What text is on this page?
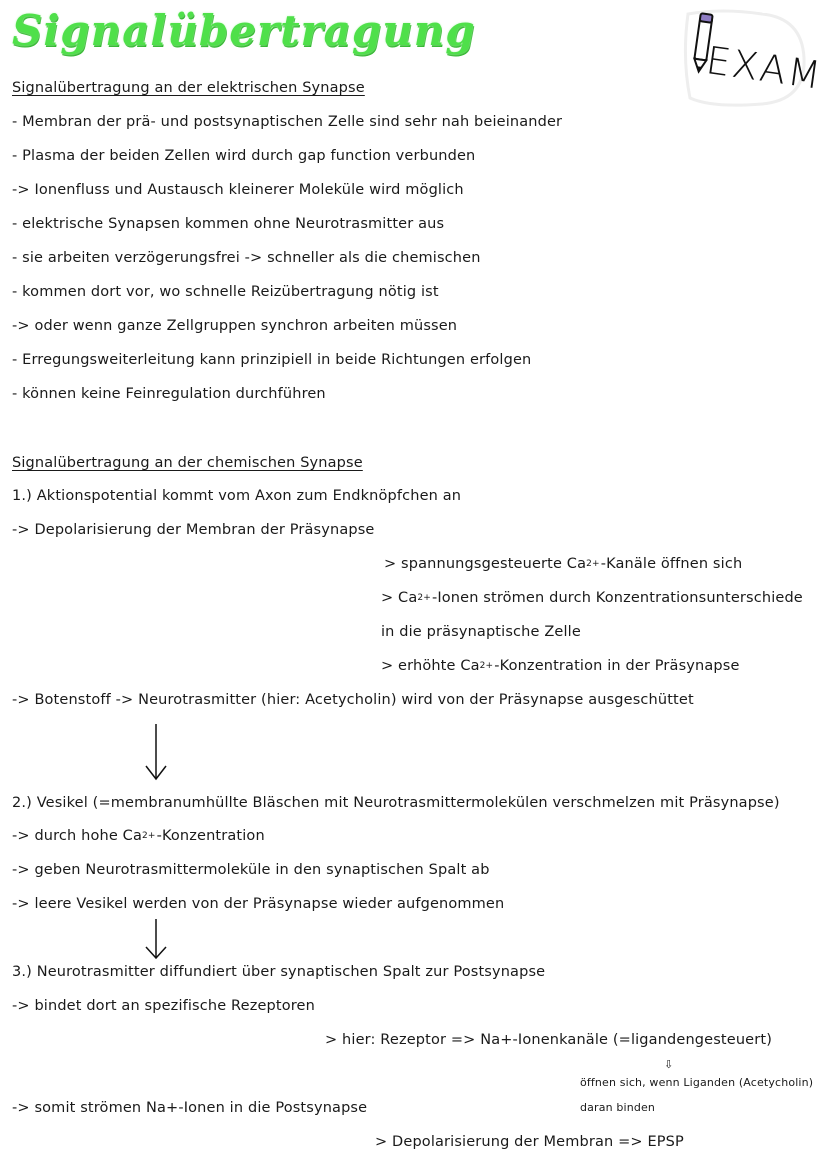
Signalübertragung
EXAM
Signalübertragung an der elektrischen Synapse
- Membran der prä- und postsynaptischen Zelle sind sehr nah beieinander
- Plasma der beiden Zellen wird durch gap function verbunden
-> Ionenfluss und Austausch kleinerer Moleküle wird möglich
- elektrische Synapsen kommen ohne Neurotrasmitter aus
- sie arbeiten verzögerungsfrei -> schneller als die chemischen
- kommen dort vor, wo schnelle Reizübertragung nötig ist
-> oder wenn ganze Zellgruppen synchron arbeiten müssen
- Erregungsweiterleitung kann prinzipiell in beide Richtungen erfolgen
- können keine Feinregulation durchführen
Signalübertragung an der chemischen Synapse
1.) Aktionspotential kommt vom Axon zum Endknöpfchen an
-> Depolarisierung der Membran der Präsynapse
> spannungsgesteuerte $Ca^{2+}$-Kanäle öffnen sich
> $Ca^{2+}$-Ionen strömen durch Konzentrationsunterschiede
in die präsynaptische Zelle
> erhöhte $Ca^{2+}$-Konzentration in der Präsynapse
-> Botenstoff -> Neurotrasmitter (hier: Acetycholin) wird von der Präsynapse ausgeschüttet
2.) Vesikel (=membranumhüllte Bläschen mit Neurotrasmittermolekülen verschmelzen mit Präsynapse)
-> durch hohe $Ca^{2+}$-Konzentration
-> geben Neurotrasmittermoleküle in den synaptischen Spalt ab
-> leere Vesikel werden von der Präsynapse wieder aufgenommen
3.) Neurotrasmitter diffundiert über synaptischen Spalt zur Postsynapse
-> bindet dort an spezifische Rezeptoren
> hier: Rezeptor => Na+-Ionenkanäle (=ligandengesteuert)
⇩
öffnen sich, wenn Liganden (Acetycholin)
daran binden
-> somit strömen Na+-Ionen in die Postsynapse
> Depolarisierung der Membran => EPSP
